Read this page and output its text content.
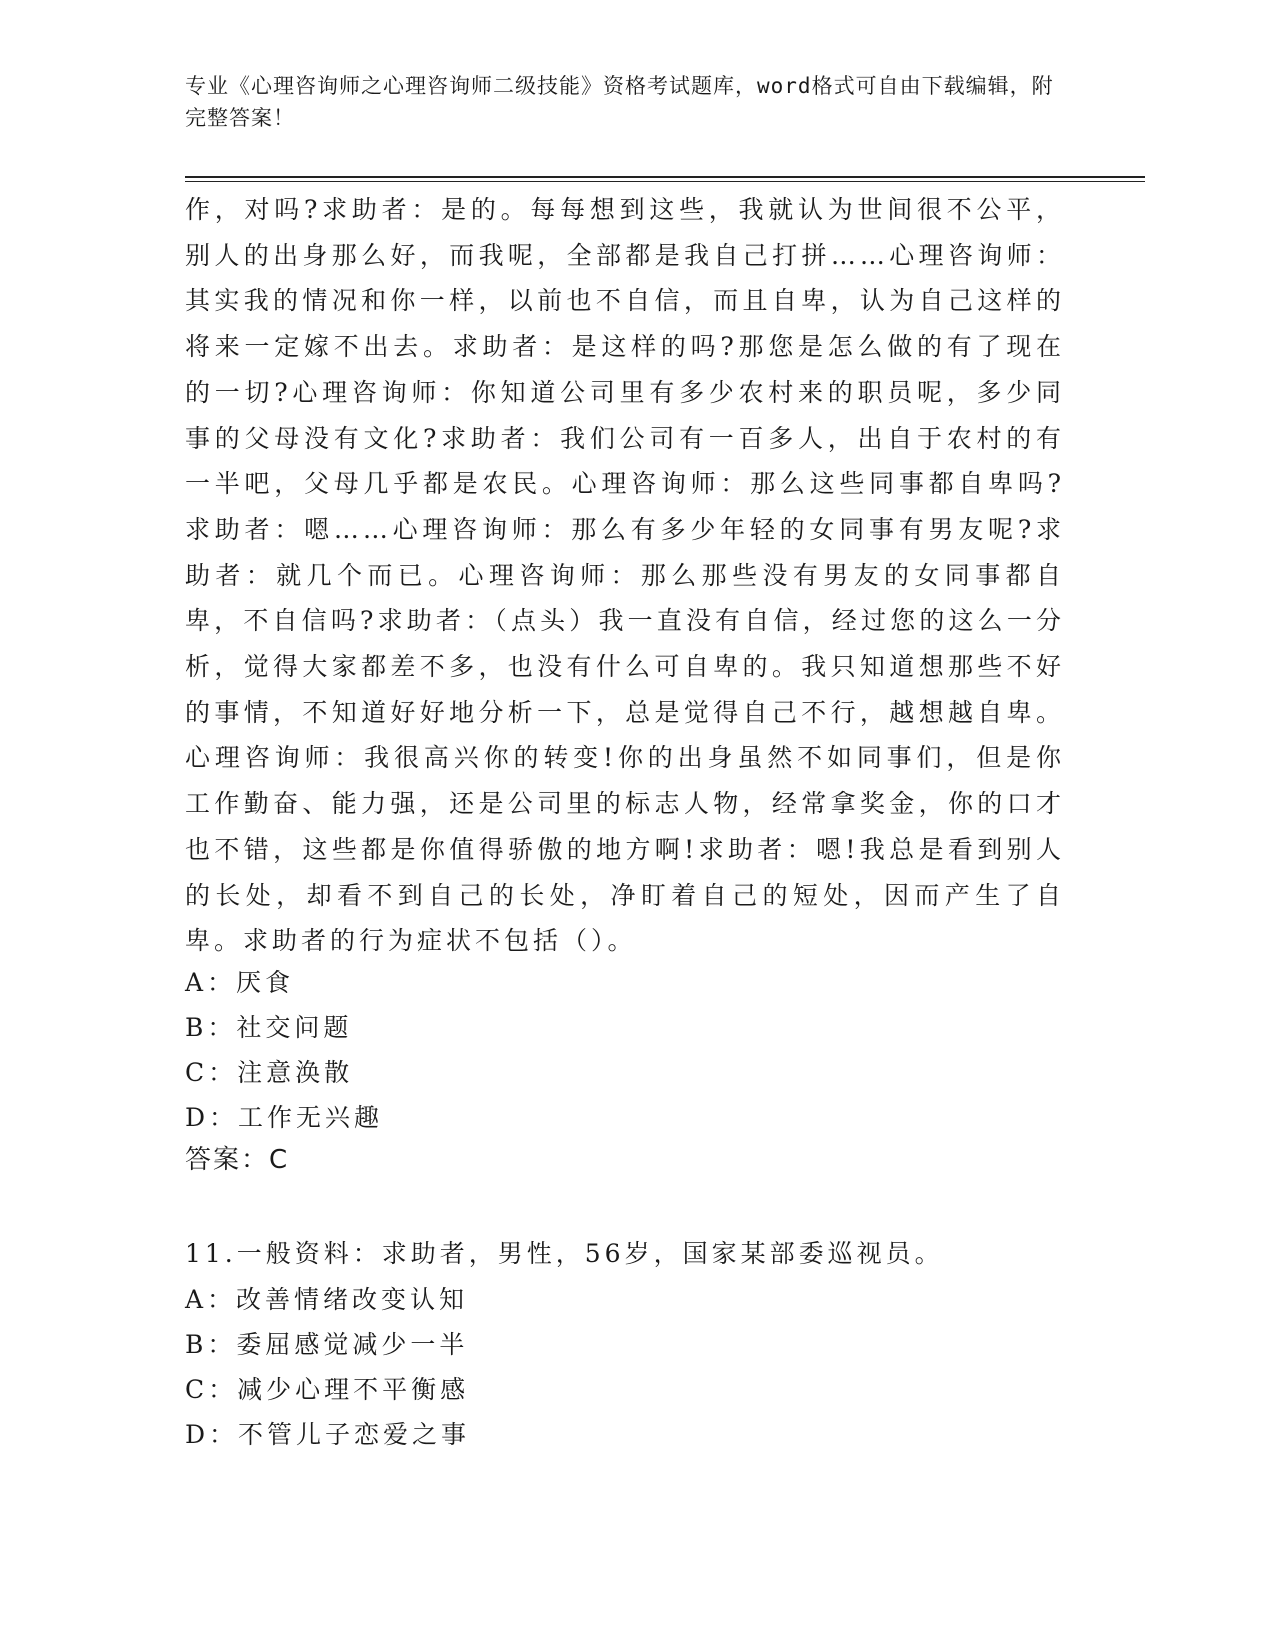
专业《心理咨询师之心理咨询师二级技能》资格考试题库，word格式可自由下载编辑，附完整答案！

作，对吗?求助者：是的。每每想到这些，我就认为世间很不公平，别人的出身那么好，而我呢，全部都是我自己打拼……心理咨询师：其实我的情况和你一样，以前也不自信，而且自卑，认为自己这样的将来一定嫁不出去。求助者：是这样的吗?那您是怎么做的有了现在的一切?心理咨询师：你知道公司里有多少农村来的职员呢，多少同事的父母没有文化?求助者：我们公司有一百多人，出自于农村的有一半吧，父母几乎都是农民。心理咨询师：那么这些同事都自卑吗?求助者：嗯……心理咨询师：那么有多少年轻的女同事有男友呢?求助者：就几个而已。心理咨询师：那么那些没有男友的女同事都自卑，不自信吗?求助者：（点头）我一直没有自信，经过您的这么一分析，觉得大家都差不多，也没有什么可自卑的。我只知道想那些不好的事情，不知道好好地分析一下，总是觉得自己不行，越想越自卑。心理咨询师：我很高兴你的转变!你的出身虽然不如同事们，但是你工作勤奋、能力强，还是公司里的标志人物，经常拿奖金，你的口才也不错，这些都是你值得骄傲的地方啊!求助者：嗯!我总是看到别人的长处，却看不到自己的长处，净盯着自己的短处，因而产生了自卑。求助者的行为症状不包括（）。

A：厌食
B：社交问题
C：注意涣散
D：工作无兴趣
答案：C
11.一般资料：求助者，男性，56岁，国家某部委巡视员。
A：改善情绪改变认知
B：委屈感觉减少一半
C：减少心理不平衡感
D：不管儿子恋爱之事
